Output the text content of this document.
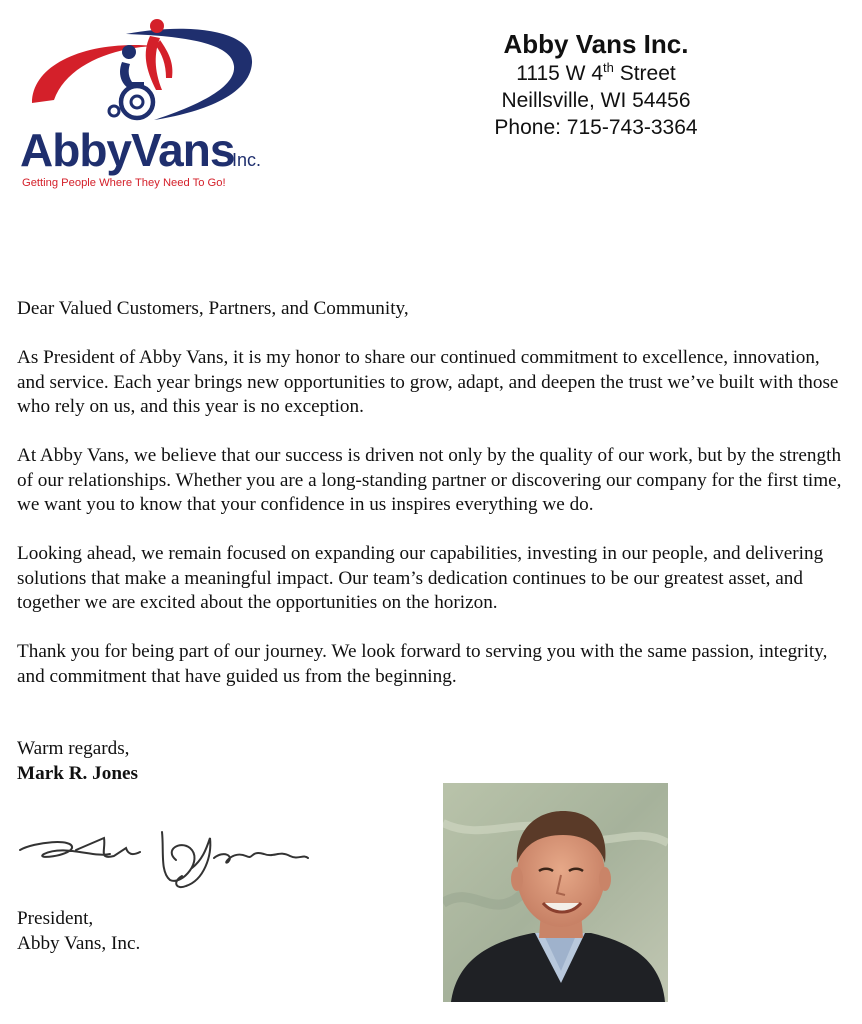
AbbyVans
Inc.
Getting People Where They Need To Go!
Abby Vans Inc.
1115 W 4th Street
Neillsville, WI 54456
Phone: 715-743-3364

Dear Valued Customers, Partners, and Community,

As President of Abby Vans, it is my honor to share our continued commitment to excellence, innovation, and service. Each year brings new opportunities to grow, adapt, and deepen the trust we’ve built with those who rely on us, and this year is no exception.

At Abby Vans, we believe that our success is driven not only by the quality of our work, but by the strength of our relationships. Whether you are a long-standing partner or discovering our company for the first time, we want you to know that your confidence in us inspires everything we do.

Looking ahead, we remain focused on expanding our capabilities, investing in our people, and delivering solutions that make a meaningful impact. Our team’s dedication continues to be our greatest asset, and together we are excited about the opportunities on the horizon.

Thank you for being part of our journey. We look forward to serving you with the same passion, integrity, and commitment that have guided us from the beginning.

Warm regards,
Mark R. Jones
President,
Abby Vans, Inc.
